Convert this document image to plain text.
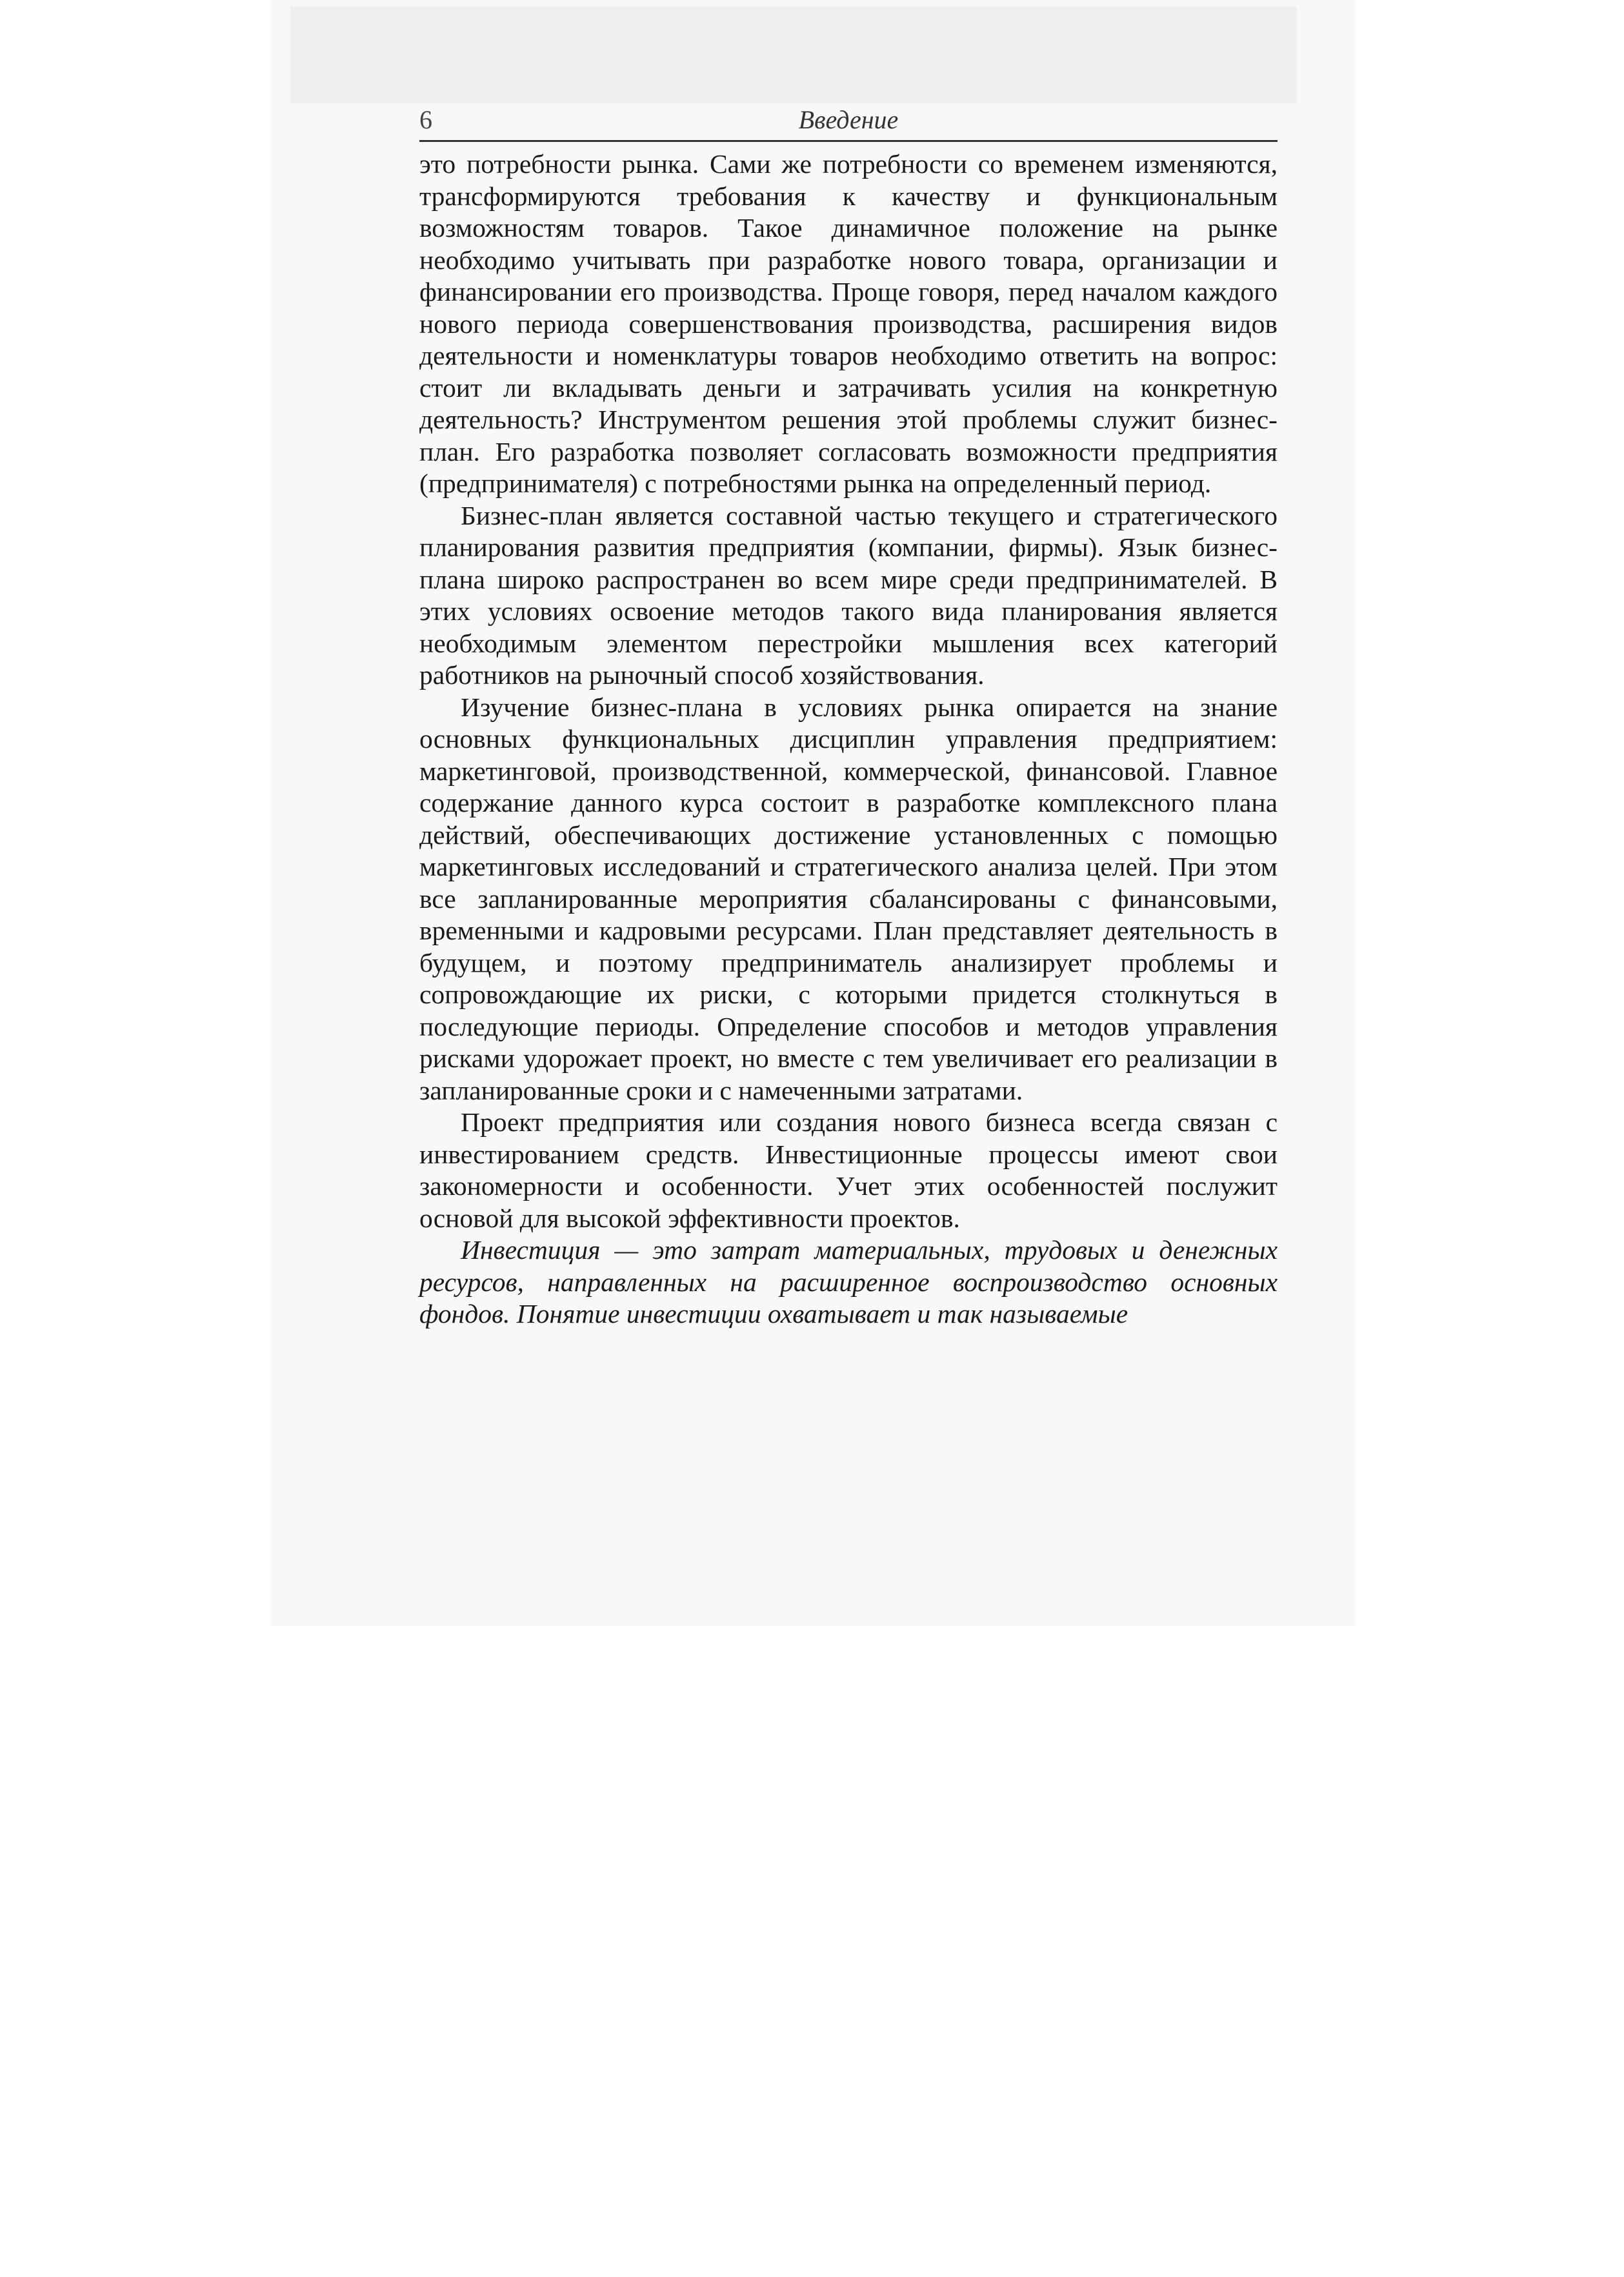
6	Введение
это потребности рынка. Сами же потребности со временем изменяются, трансформируются требования к качеству и функциональным возможностям товаров. Такое динамичное положение на рынке необходимо учитывать при разработке нового товара, организации и финансировании его производства. Проще говоря, перед началом каждого нового периода совершенствования производства, расширения видов деятельности и номенклатуры товаров необходимо ответить на вопрос: стоит ли вкладывать деньги и затрачивать усилия на конкретную деятельность? Инструментом решения этой проблемы служит бизнес-план. Его разработка позволяет согласовать возможности предприятия (предпринимателя) с потребностями рынка на определенный период.
Бизнес-план является составной частью текущего и стратегического планирования развития предприятия (компании, фирмы). Язык бизнес-плана широко распространен во всем мире среди предпринимателей. В этих условиях освоение методов такого вида планирования является необходимым элементом перестройки мышления всех категорий работников на рыночный способ хозяйствования.
Изучение бизнес-плана в условиях рынка опирается на знание основных функциональных дисциплин управления предприятием: маркетинговой, производственной, коммерческой, финансовой. Главное содержание данного курса состоит в разработке комплексного плана действий, обеспечивающих достижение установленных с помощью маркетинговых исследований и стратегического анализа целей. При этом все запланированные мероприятия сбалансированы с финансовыми, временными и кадровыми ресурсами. План представляет деятельность в будущем, и поэтому предприниматель анализирует проблемы и сопровождающие их риски, с которыми придется столкнуться в последующие периоды. Определение способов и методов управления рисками удорожает проект, но вместе с тем увеличивает его реализации в запланированные сроки и с намеченными затратами.
Проект предприятия или создания нового бизнеса всегда связан с инвестированием средств. Инвестиционные процессы имеют свои закономерности и особенности. Учет этих особенностей послужит основой для высокой эффективности проектов.
Инвестиция — это затрат материальных, трудовых и денежных ресурсов, направленных на расширенное воспроизводство основных фондов. Понятие инвестиции охватывает и так называемые
